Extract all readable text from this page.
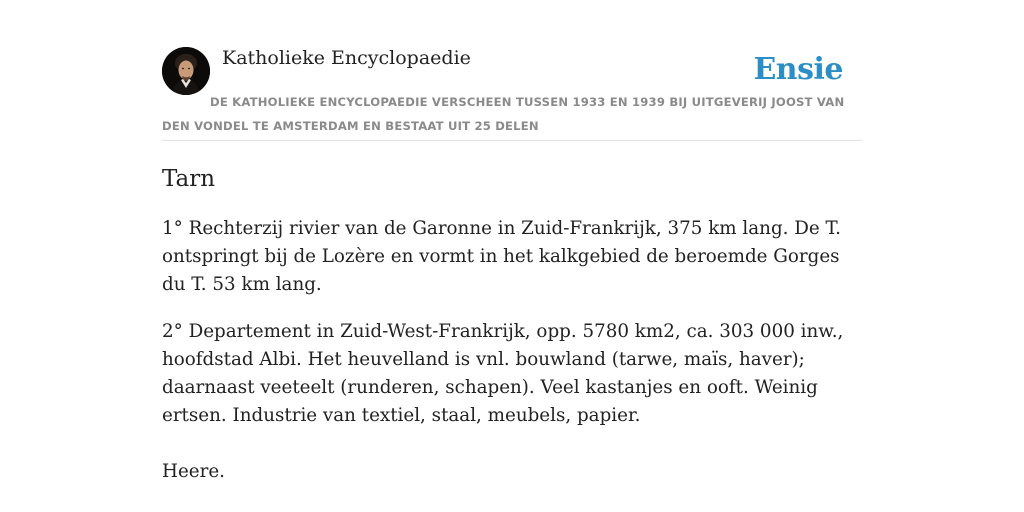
Katholieke Encyclopaedie	Ensie
DE KATHOLIEKE ENCYCLOPAEDIE VERSCHEEN TUSSEN 1933 EN 1939 BIJ UITGEVERIJ JOOST VAN DEN VONDEL TE AMSTERDAM EN BESTAAT UIT 25 DELEN
Tarn

1° Rechterzij rivier van de Garonne in Zuid-Frankrijk, 375 km lang. De T. ontspringt bij de Lozère en vormt in het kalkgebied de beroemde Gorges du T. 53 km lang.

2° Departement in Zuid-West-Frankrijk, opp. 5780 km2, ca. 303 000 inw., hoofdstad Albi. Het heuvelland is vnl. bouwland (tarwe, maïs, haver); daarnaast veeteelt (runderen, schapen). Veel kastanjes en ooft. Weinig ertsen. Industrie van textiel, staal, meubels, papier.

Heere.
